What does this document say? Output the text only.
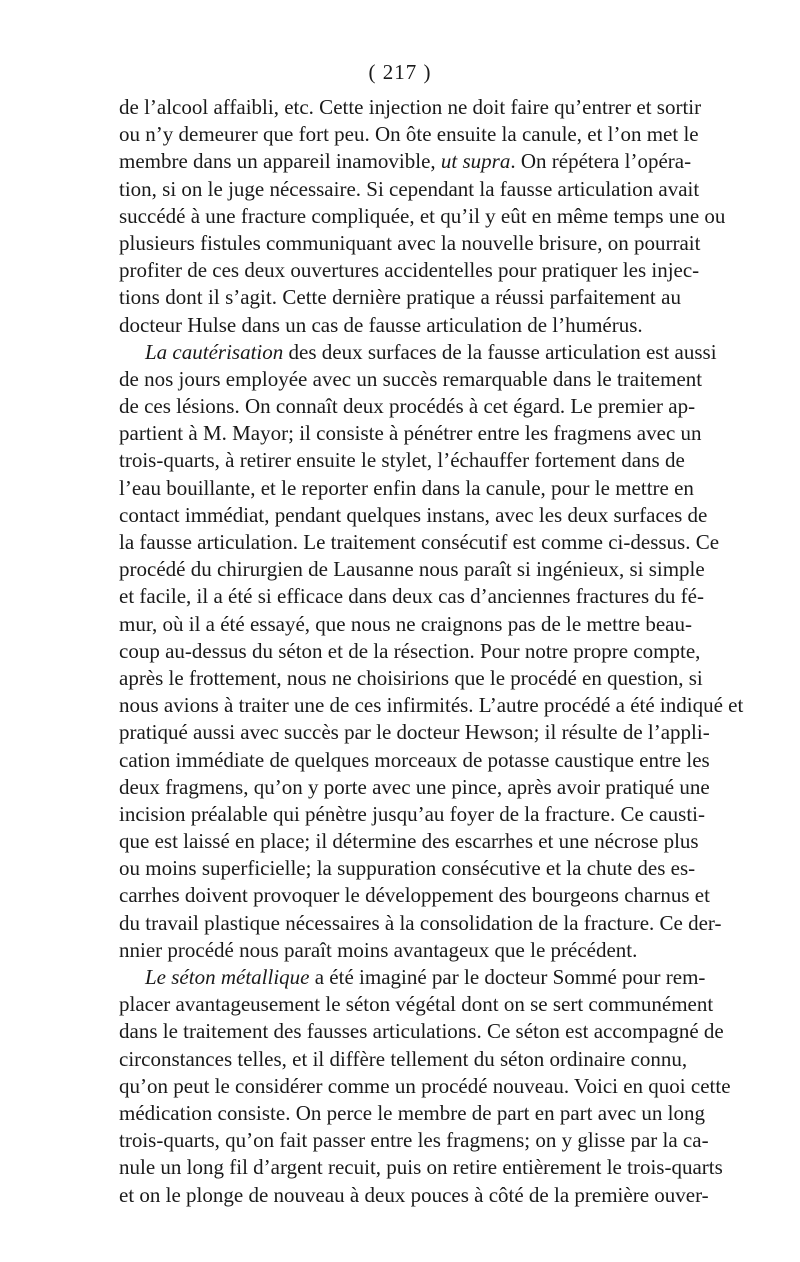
( 217 )
de l’alcool affaibli, etc. Cette injection ne doit faire qu’entrer et sortir
ou n’y demeurer que fort peu. On ôte ensuite la canule, et l’on met le
membre dans un appareil inamovible, ut supra. On répétera l’opéra-
tion, si on le juge nécessaire. Si cependant la fausse articulation avait
succédé à une fracture compliquée, et qu’il y eût en même temps une ou
plusieurs fistules communiquant avec la nouvelle brisure, on pourrait
profiter de ces deux ouvertures accidentelles pour pratiquer les injec-
tions dont il s’agit. Cette dernière pratique a réussi parfaitement au
docteur Hulse dans un cas de fausse articulation de l’humérus.
La cautérisation des deux surfaces de la fausse articulation est aussi
de nos jours employée avec un succès remarquable dans le traitement
de ces lésions. On connaît deux procédés à cet égard. Le premier ap-
partient à M. Mayor; il consiste à pénétrer entre les fragmens avec un
trois-quarts, à retirer ensuite le stylet, l’échauffer fortement dans de
l’eau bouillante, et le reporter enfin dans la canule, pour le mettre en
contact immédiat, pendant quelques instans, avec les deux surfaces de
la fausse articulation. Le traitement consécutif est comme ci-dessus. Ce
procédé du chirurgien de Lausanne nous paraît si ingénieux, si simple
et facile, il a été si efficace dans deux cas d’anciennes fractures du fé-
mur, où il a été essayé, que nous ne craignons pas de le mettre beau-
coup au-dessus du séton et de la résection. Pour notre propre compte,
après le frottement, nous ne choisirions que le procédé en question, si
nous avions à traiter une de ces infirmités. L’autre procédé a été indiqué et
pratiqué aussi avec succès par le docteur Hewson; il résulte de l’appli-
cation immédiate de quelques morceaux de potasse caustique entre les
deux fragmens, qu’on y porte avec une pince, après avoir pratiqué une
incision préalable qui pénètre jusqu’au foyer de la fracture. Ce causti-
que est laissé en place; il détermine des escarrhes et une nécrose plus
ou moins superficielle; la suppuration consécutive et la chute des es-
carrhes doivent provoquer le développement des bourgeons charnus et
du travail plastique nécessaires à la consolidation de la fracture. Ce der-
nnier procédé nous paraît moins avantageux que le précédent.
Le séton métallique a été imaginé par le docteur Sommé pour rem-
placer avantageusement le séton végétal dont on se sert communément
dans le traitement des fausses articulations. Ce séton est accompagné de
circonstances telles, et il diffère tellement du séton ordinaire connu,
qu’on peut le considérer comme un procédé nouveau. Voici en quoi cette
médication consiste. On perce le membre de part en part avec un long
trois-quarts, qu’on fait passer entre les fragmens; on y glisse par la ca-
nule un long fil d’argent recuit, puis on retire entièrement le trois-quarts
et on le plonge de nouveau à deux pouces à côté de la première ouver-
